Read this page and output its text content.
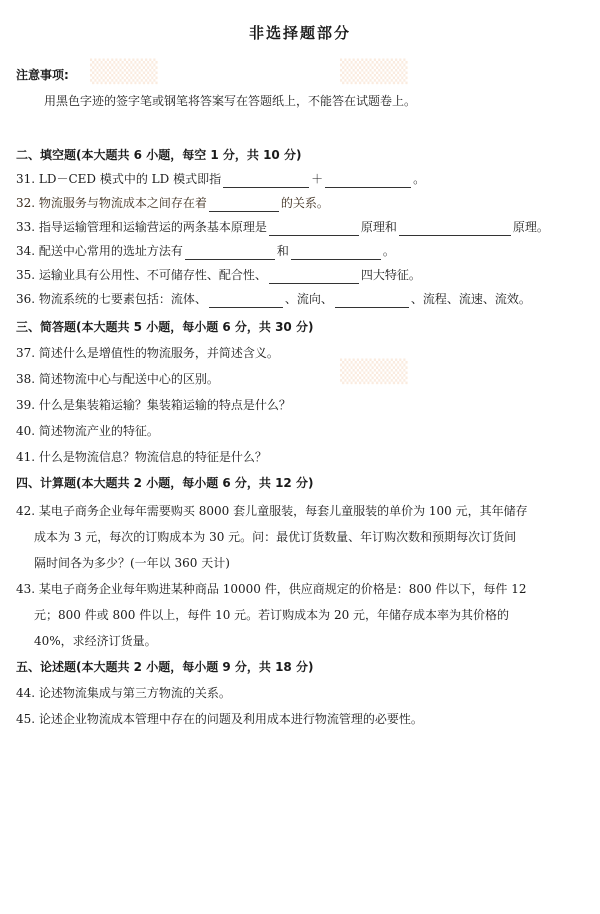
▒▒▒▒	▒▒▒▒
▒▒▒▒
非选择题部分
注意事项:
用黑色字迹的签字笔或钢笔将答案写在答题纸上，不能答在试题卷上。
二、填空题(本大题共 6 小题，每空 1 分，共 10 分)
31. LD－CED 模式中的 LD 模式即指	＋	。
32. 物流服务与物流成本之间存在着	的关系。
33. 指导运输管理和运输营运的两条基本原理是	原理和	原理。
34. 配送中心常用的选址方法有	和	。
35. 运输业具有公用性、不可储存性、配合性、	四大特征。
36. 物流系统的七要素包括：流体、	、流向、	、流程、流速、流效。
三、简答题(本大题共 5 小题，每小题 6 分，共 30 分)
37. 简述什么是增值性的物流服务，并简述含义。
38. 简述物流中心与配送中心的区别。
39. 什么是集装箱运输？集装箱运输的特点是什么？
40. 简述物流产业的特征。
41. 什么是物流信息？物流信息的特征是什么？
四、计算题(本大题共 2 小题，每小题 6 分，共 12 分)
42. 某电子商务企业每年需要购买 8000 套儿童服装，每套儿童服装的单价为 100 元，其年储存
成本为 3 元，每次的订购成本为 30 元。问：最优订货数量、年订购次数和预期每次订货间
隔时间各为多少？(一年以 360 天计)
43. 某电子商务企业每年购进某种商品 10000 件，供应商规定的价格是：800 件以下，每件 12
元；800 件或 800 件以上，每件 10 元。若订购成本为 20 元，年储存成本率为其价格的
40%，求经济订货量。
五、论述题(本大题共 2 小题，每小题 9 分，共 18 分)
44. 论述物流集成与第三方物流的关系。
45. 论述企业物流成本管理中存在的问题及利用成本进行物流管理的必要性。
